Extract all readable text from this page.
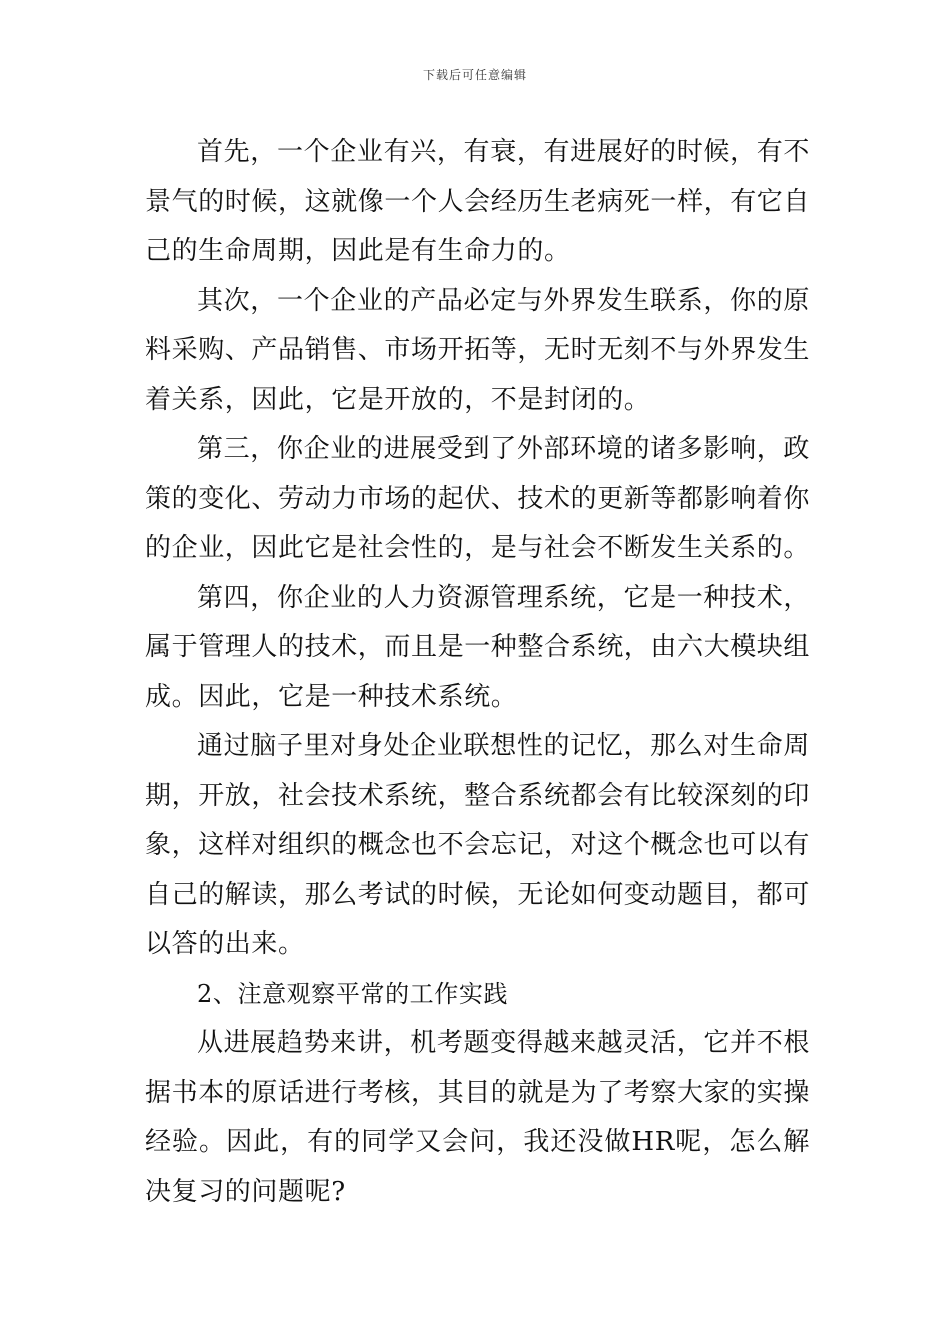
下载后可任意编辑

首先，一个企业有兴，有衰，有进展好的时候，有不景气的时候，这就像一个人会经历生老病死一样，有它自己的生命周期，因此是有生命力的。

其次，一个企业的产品必定与外界发生联系，你的原料采购、产品销售、市场开拓等，无时无刻不与外界发生着关系，因此，它是开放的，不是封闭的。

第三，你企业的进展受到了外部环境的诸多影响，政策的变化、劳动力市场的起伏、技术的更新等都影响着你的企业，因此它是社会性的，是与社会不断发生关系的。

第四，你企业的人力资源管理系统，它是一种技术，属于管理人的技术，而且是一种整合系统，由六大模块组成。因此，它是一种技术系统。

通过脑子里对身处企业联想性的记忆，那么对生命周期，开放，社会技术系统，整合系统都会有比较深刻的印象，这样对组织的概念也不会忘记，对这个概念也可以有自己的解读，那么考试的时候，无论如何变动题目，都可以答的出来。

2、注意观察平常的工作实践

从进展趋势来讲，机考题变得越来越灵活，它并不根据书本的原话进行考核，其目的就是为了考察大家的实操经验。因此，有的同学又会问，我还没做HR呢，怎么解决复习的问题呢?
